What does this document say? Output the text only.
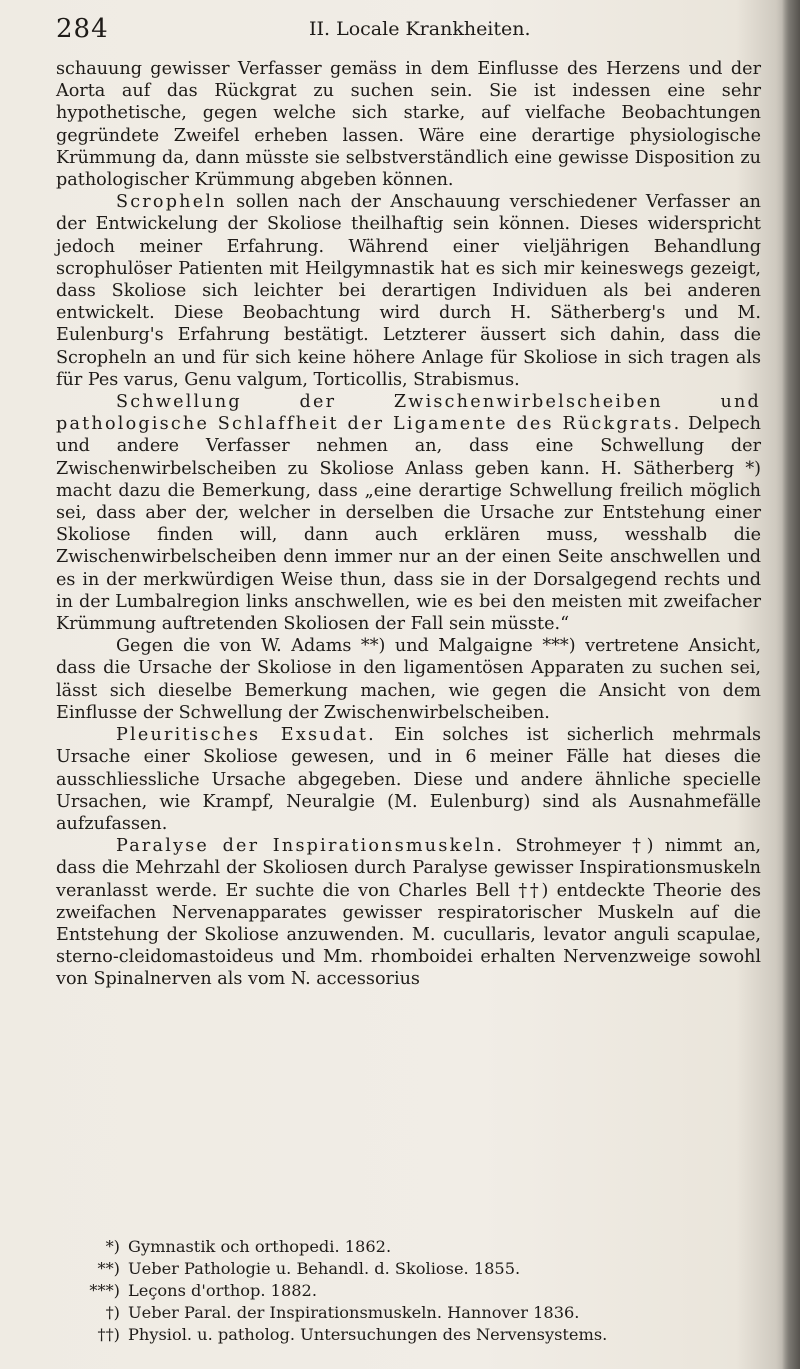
284	II. Locale Krankheiten.

schauung gewisser Verfasser gemäss in dem Einflusse des Herzens und der Aorta auf das Rückgrat zu suchen sein. Sie ist indessen eine sehr hypothetische, gegen welche sich starke, auf vielfache Beobachtungen gegründete Zweifel erheben lassen. Wäre eine derartige physiologische Krümmung da, dann müsste sie selbstverständlich eine gewisse Disposition zu pathologischer Krümmung abgeben können.

Scropheln sollen nach der Anschauung verschiedener Verfasser an der Entwickelung der Skoliose theilhaftig sein können. Dieses widerspricht jedoch meiner Erfahrung. Während einer vieljährigen Behandlung scrophulöser Patienten mit Heilgymnastik hat es sich mir keineswegs gezeigt, dass Skoliose sich leichter bei derartigen Individuen als bei anderen entwickelt. Diese Beobachtung wird durch H. Sätherberg's und M. Eulenburg's Erfahrung bestätigt. Letzterer äussert sich dahin, dass die Scropheln an und für sich keine höhere Anlage für Skoliose in sich tragen als für Pes varus, Genu valgum, Torticollis, Strabismus.

Schwellung der Zwischenwirbelscheiben und pathologische Schlaffheit der Ligamente des Rückgrats. Delpech und andere Verfasser nehmen an, dass eine Schwellung der Zwischenwirbelscheiben zu Skoliose Anlass geben kann. H. Sätherberg *) macht dazu die Bemerkung, dass „eine derartige Schwellung freilich möglich sei, dass aber der, welcher in derselben die Ursache zur Entstehung einer Skoliose finden will, dann auch erklären muss, wesshalb die Zwischenwirbelscheiben denn immer nur an der einen Seite anschwellen und es in der merkwürdigen Weise thun, dass sie in der Dorsalgegend rechts und in der Lumbalregion links anschwellen, wie es bei den meisten mit zweifacher Krümmung auftretenden Skoliosen der Fall sein müsste.“

Gegen die von W. Adams **) und Malgaigne ***) vertretene Ansicht, dass die Ursache der Skoliose in den ligamentösen Apparaten zu suchen sei, lässt sich dieselbe Bemerkung machen, wie gegen die Ansicht von dem Einflusse der Schwellung der Zwischenwirbelscheiben.

Pleuritisches Exsudat. Ein solches ist sicherlich mehrmals Ursache einer Skoliose gewesen, und in 6 meiner Fälle hat dieses die ausschliessliche Ursache abgegeben. Diese und andere ähnliche specielle Ursachen, wie Krampf, Neuralgie (M. Eulenburg) sind als Ausnahmefälle aufzufassen.

Paralyse der Inspirationsmuskeln. Strohmeyer †) nimmt an, dass die Mehrzahl der Skoliosen durch Paralyse gewisser Inspirationsmuskeln veranlasst werde. Er suchte die von Charles Bell ††) entdeckte Theorie des zweifachen Nervenapparates gewisser respiratorischer Muskeln auf die Entstehung der Skoliose anzuwenden. M. cucullaris, levator anguli scapulae, sterno-cleidomastoideus und Mm. rhomboidei erhalten Nervenzweige sowohl von Spinalnerven als vom N. accessorius

*) Gymnastik och orthopedi. 1862.
**) Ueber Pathologie u. Behandl. d. Skoliose. 1855.
***) Leçons d'orthop. 1882.
†) Ueber Paral. der Inspirationsmuskeln. Hannover 1836.
††) Physiol. u. patholog. Untersuchungen des Nervensystems.
